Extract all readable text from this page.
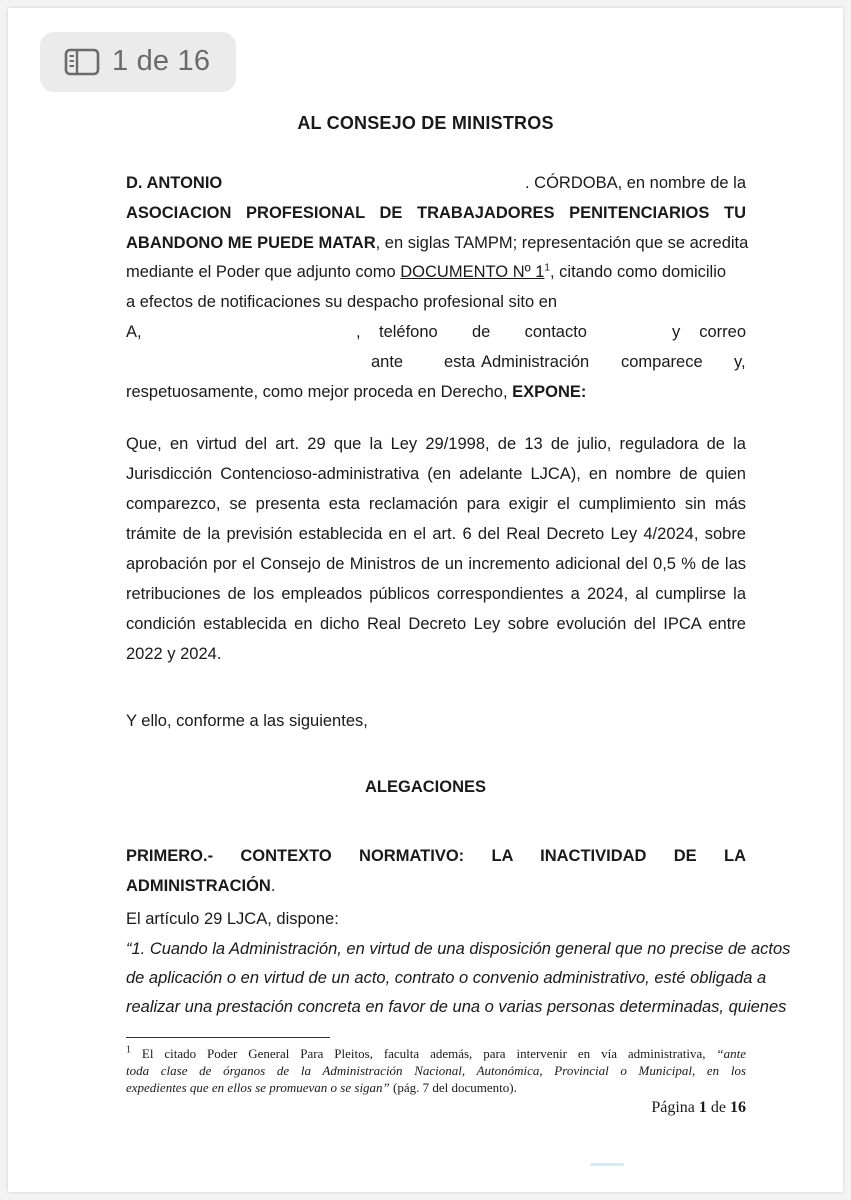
1 de 16
AL CONSEJO DE MINISTROS
D. ANTONIO	. CÓRDOBA, en nombre de la
ASOCIACION PROFESIONAL DE TRABAJADORES PENITENCIARIOS TU
ABANDONO ME PUEDE MATAR, en siglas TAMPM; representación que se acredita
mediante el Poder que adjunto como DOCUMENTO Nº $1^1$, citando como domicilio
a efectos de notificaciones su despacho profesional sito en
A,	, teléfono de contacto	y correo
ante esta Administración comparece y,
respetuosamente, como mejor proceda en Derecho, EXPONE:
Que, en virtud del art. 29 que la Ley 29/1998, de 13 de julio, reguladora de la
Jurisdicción Contencioso-administrativa (en adelante LJCA), en nombre de quien
comparezco, se presenta esta reclamación para exigir el cumplimiento sin más
trámite de la previsión establecida en el art. 6 del Real Decreto Ley 4/2024, sobre
aprobación por el Consejo de Ministros de un incremento adicional del 0,5 % de las
retribuciones de los empleados públicos correspondientes a 2024, al cumplirse la
condición establecida en dicho Real Decreto Ley sobre evolución del IPCA entre
2022 y 2024.
Y ello, conforme a las siguientes,
ALEGACIONES
PRIMERO.- CONTEXTO NORMATIVO: LA INACTIVIDAD DE LA
ADMINISTRACIÓN.
El artículo 29 LJCA, dispone:
“1. Cuando la Administración, en virtud de una disposición general que no precise de actos
de aplicación o en virtud de un acto, contrato o convenio administrativo, esté obligada a
realizar una prestación concreta en favor de una o varias personas determinadas, quienes
$^1$ El citado Poder General Para Pleitos, faculta además, para intervenir en vía administrativa, “ante
toda clase de órganos de la Administración Nacional, Autonómica, Provincial o Municipal, en los
expedientes que en ellos se promuevan o se sigan” (pág. 7 del documento).
Página 1 de 16
